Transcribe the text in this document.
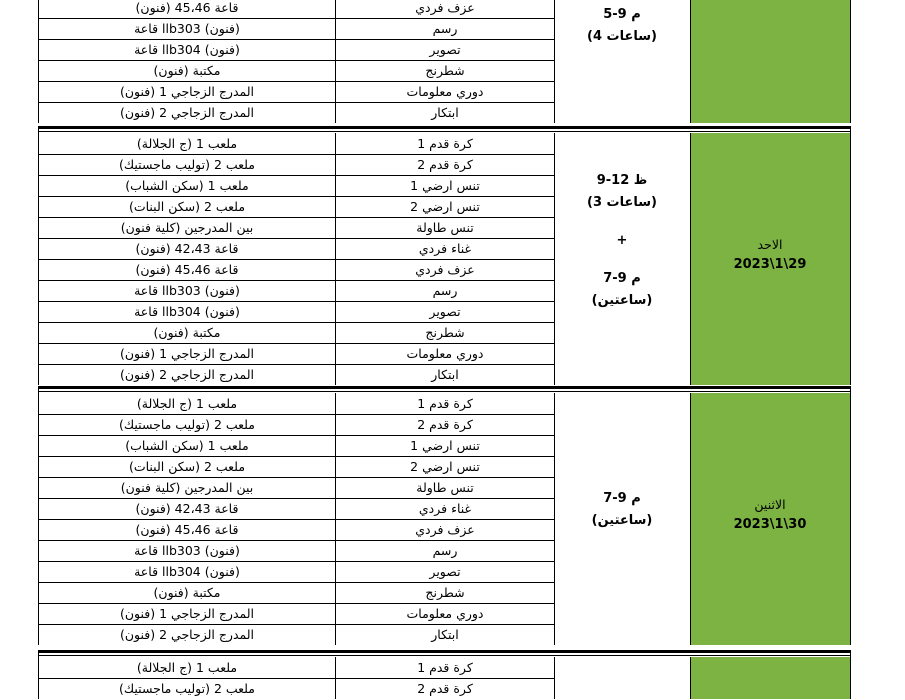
قاعة 45،46 (فنون)	عزف فردي
قاعة llb303 (فنون)	رسم
قاعة llb304 (فنون)	تصوير
مكتبة (فنون)	شطرنج
المدرج الزجاجي 1 (فنون)	دوري معلومات
المدرج الزجاجي 2 (فنون)	ابتكار
5-9 م
(4 ساعات)
ملعب 1 (ج الجلالة)	كرة قدم 1
ملعب 2 (توليب ماجستيك)	كرة قدم 2
ملعب 1 (سكن الشباب)	تنس ارضي 1
ملعب 2 (سكن البنات)	تنس ارضي 2
بين المدرجين (كلية فنون)	تنس طاولة
قاعة 42،43 (فنون)	غناء فردي
قاعة 45،46 (فنون)	عزف فردي
قاعة llb303 (فنون)	رسم
قاعة llb304 (فنون)	تصوير
مكتبة (فنون)	شطرنج
المدرج الزجاجي 1 (فنون)	دوري معلومات
المدرج الزجاجي 2 (فنون)	ابتكار
9-12 ظ
(3 ساعات)
+
7-9 م
(ساعتين)
الاحد
2023\1\29
ملعب 1 (ج الجلالة)	كرة قدم 1
ملعب 2 (توليب ماجستيك)	كرة قدم 2
ملعب 1 (سكن الشباب)	تنس ارضي 1
ملعب 2 (سكن البنات)	تنس ارضي 2
بين المدرجين (كلية فنون)	تنس طاولة
قاعة 42،43 (فنون)	غناء فردي
قاعة 45،46 (فنون)	عزف فردي
قاعة llb303 (فنون)	رسم
قاعة llb304 (فنون)	تصوير
مكتبة (فنون)	شطرنج
المدرج الزجاجي 1 (فنون)	دوري معلومات
المدرج الزجاجي 2 (فنون)	ابتكار
7-9 م
(ساعتين)
الاثنين
2023\1\30
ملعب 1 (ج الجلالة)	كرة قدم 1
ملعب 2 (توليب ماجستيك)	كرة قدم 2
